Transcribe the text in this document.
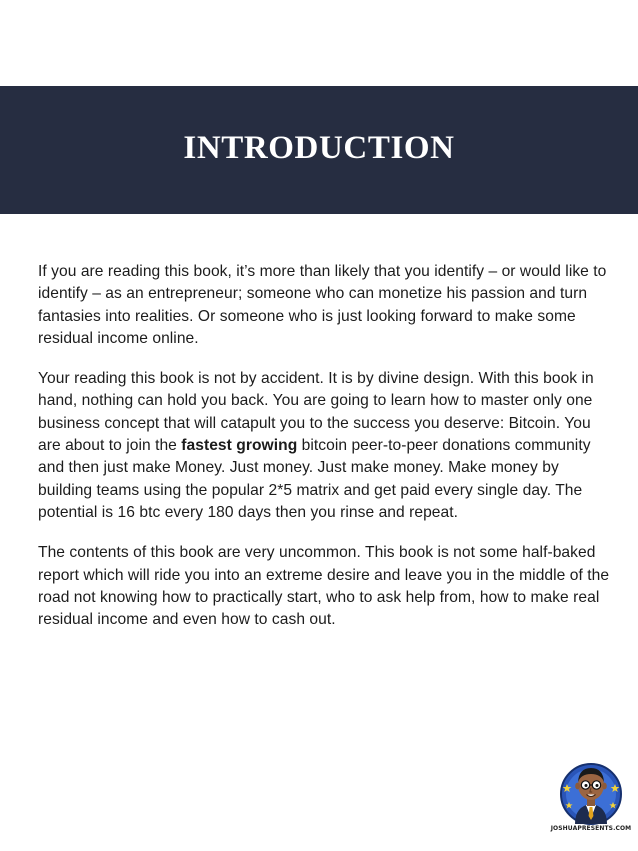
INTRODUCTION

If you are reading this book, it’s more than likely that you identify – or would like to identify – as an entrepreneur; someone who can monetize his passion and turn fantasies into realities. Or someone who is just looking forward to make some residual income online.

Your reading this book is not by accident. It is by divine design. With this book in hand, nothing can hold you back. You are going to learn how to master only one business concept that will catapult you to the success you deserve: Bitcoin. You are about to join the fastest growing bitcoin peer-to-peer donations community and then just make Money. Just money. Just make money. Make money by building teams using the popular 2*5 matrix and get paid every single day. The potential is 16 btc every 180 days then you rinse and repeat.

The contents of this book are very uncommon. This book is not some half-baked report which will ride you into an extreme desire and leave you in the middle of the road not knowing how to practically start, who to ask help from, how to make real residual income and even how to cash out.

JOSHUAPRESENTS.COM
